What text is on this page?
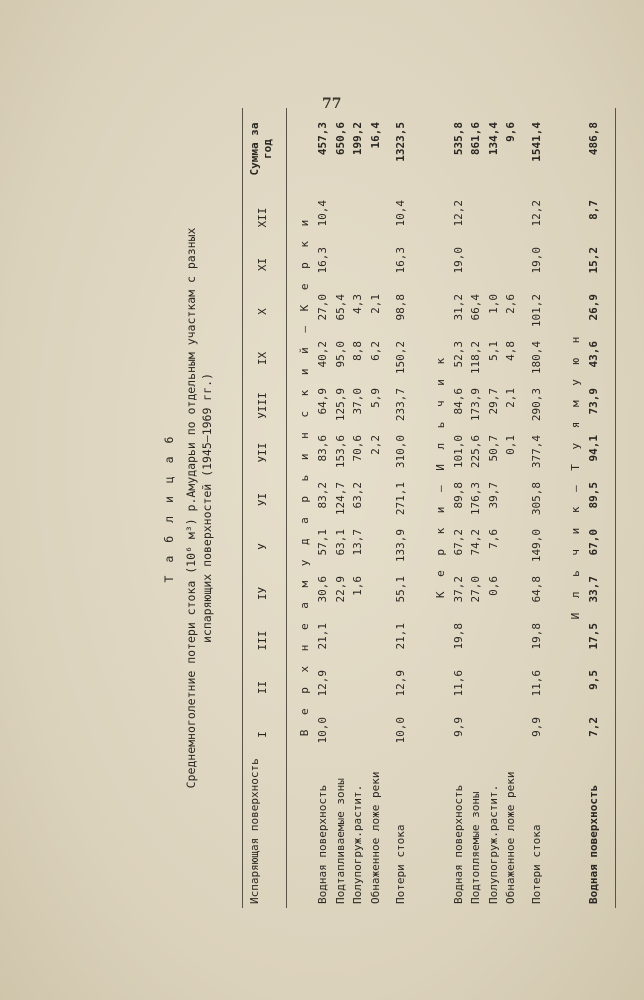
77
Т а б л и ц а 6 Среднемноголетние потери стока (10⁶ м³) р.Амударьи по отдельным участкам с разных испаряющих поверхностей (1945–1969 гг.)
Испаряющая поверхность
I
II
III
IУ
У
УI
УII
УIII
IX
X
XI
XII
Сумма за год
В е р х н е а м у д а р ь и н с к и й – К е р к и
Водная поверхность
10,0
12,9
21,1
30,6
57,1
83,2
83,6
64,9
40,2
27,0
16,3
10,4
457,3
Подтапливаемые зоны
22,9
63,1
124,7
153,6
125,9
95,0
65,4
650,6
Полупогруж.растит.
1,6
13,7
63,2
70,6
37,0
8,8
4,3
199,2
Обнаженное ложе реки
2,2
5,9
6,2
2,1
16,4
Потери стока
10,0
12,9
21,1
55,1
133,9
271,1
310,0
233,7
150,2
98,8
16,3
10,4
1323,5
К е р к и – И л ь ч и к
Водная поверхность
9,9
11,6
19,8
37,2
67,2
89,8
101,0
84,6
52,3
31,2
19,0
12,2
535,8
Подтопляемые зоны
27,0
74,2
176,3
225,6
173,9
118,2
66,4
861,6
Полупогруж.растит.
0,6
7,6
39,7
50,7
29,7
5,1
1,0
134,4
Обнаженное ложе реки
0,1
2,1
4,8
2,6
9,6
Потери стока
9,9
11,6
19,8
64,8
149,0
305,8
377,4
290,3
180,4
101,2
19,0
12,2
1541,4
И л ь ч и к – Т у я м у ю н
Водная поверхность
7,2
9,5
17,5
33,7
67,0
89,5
94,1
73,9
43,6
26,9
15,2
8,7
486,8
